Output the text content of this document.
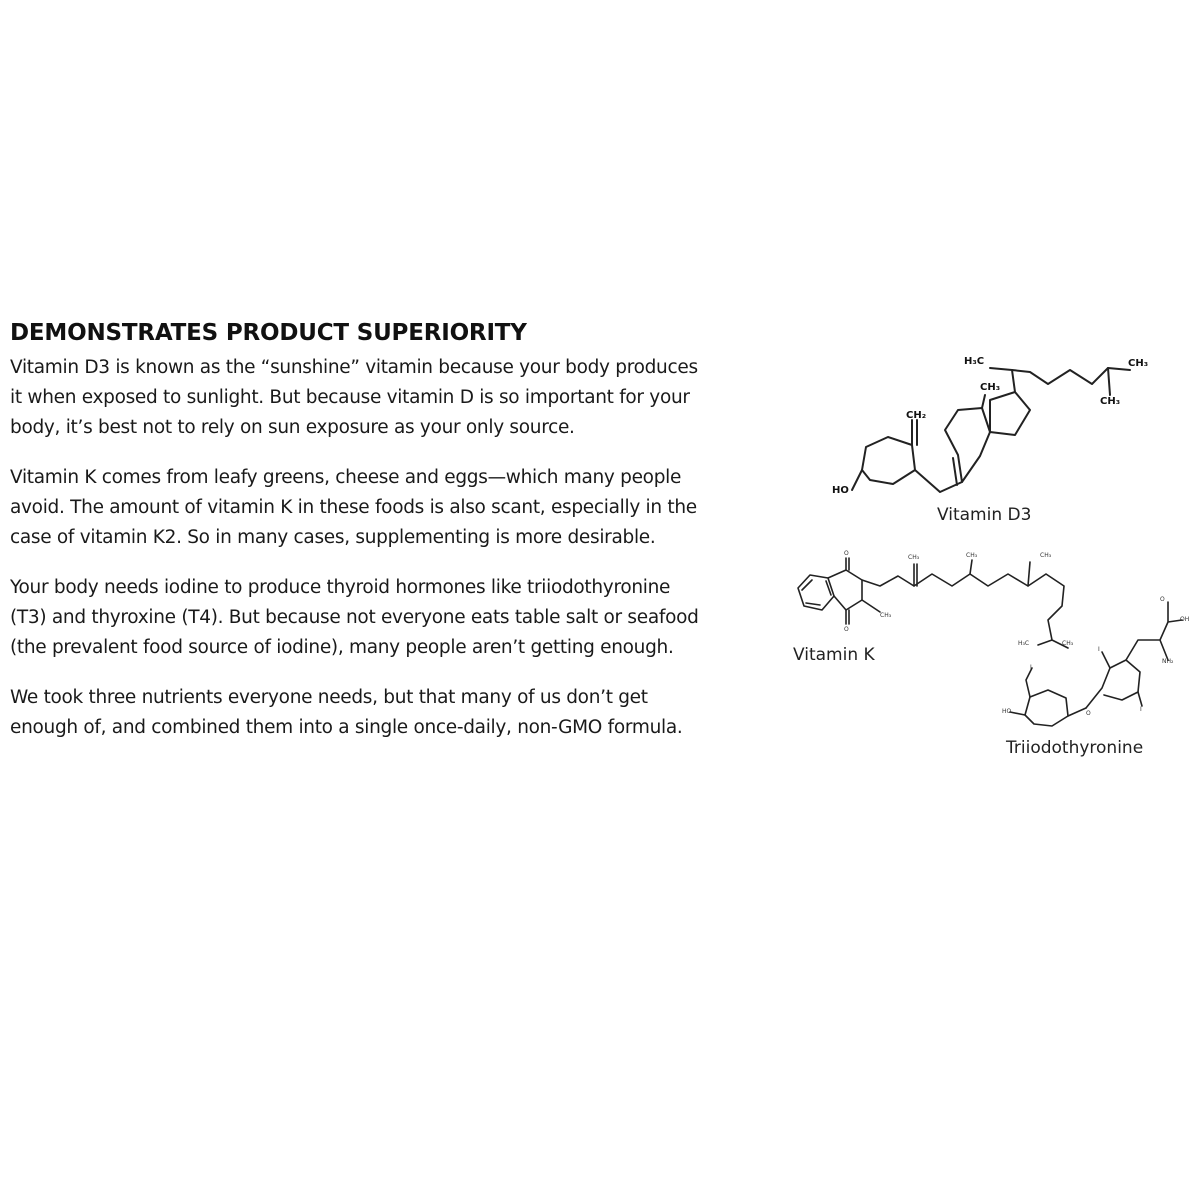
DEMONSTRATES PRODUCT SUPERIORITY

Vitamin D3 is known as the “sunshine” vitamin because your body produces it when exposed to sunlight. But because vitamin D is so important for your body, it’s best not to rely on sun exposure as your only source.

Vitamin K comes from leafy greens, cheese and eggs—which many people avoid. The amount of vitamin K in these foods is also scant, especially in the case of vitamin K2. So in many cases, supplementing is more desirable.

Your body needs iodine to produce thyroid hormones like triiodothyronine (T3) and thyroxine (T4). But because not everyone eats table salt or seafood (the prevalent food source of iodine), many people aren’t getting enough.

We took three nutrients everyone needs, but that many of us don’t get enough of, and combined them into a single once-daily, non-GMO formula.

H₃C	CH₃
CH₃
CH₃
CH₂
HO
Vitamin D3
O
O
CH₃	CH₃	CH₃
CH₃
H₃C	CH₃
Vitamin K
I
I
I
HO	O
NH₂
OH
O
Triiodothyronine
